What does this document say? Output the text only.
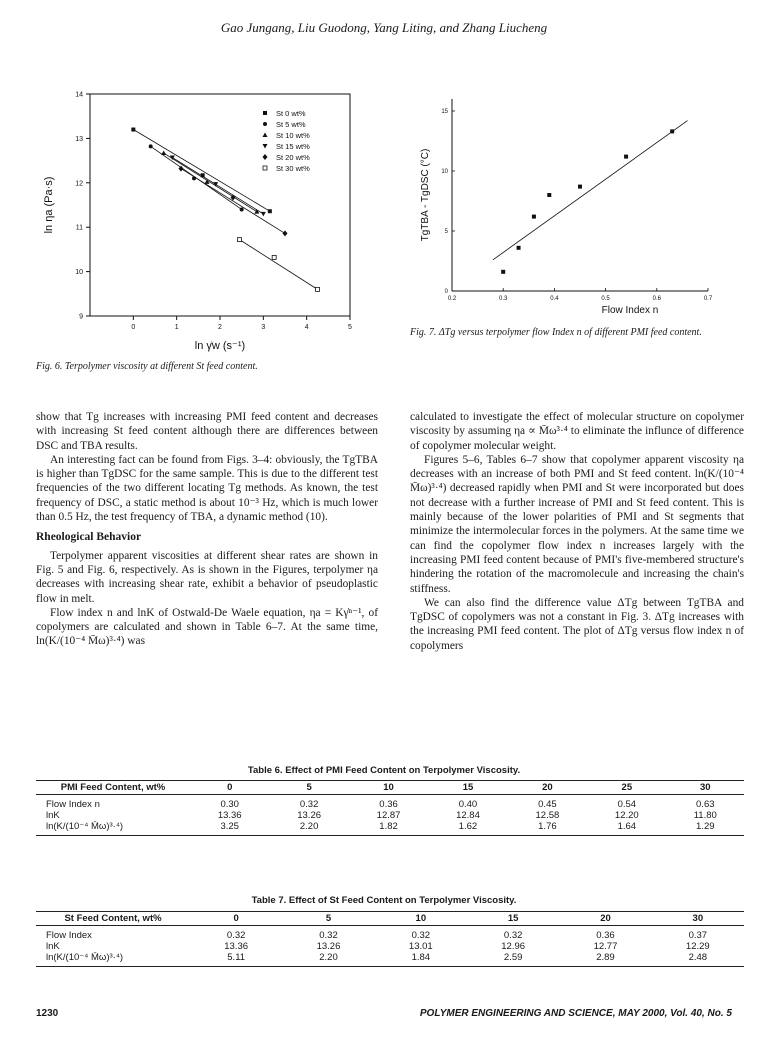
Gao Jungang, Liu Guodong, Yang Liting, and Zhang Liucheng
0	1	2	3	4	5
9
10
11
12
13
14
ln γ̇w (s⁻¹)
ln ηa (Pa·s)
St 0 wt%
St 5 wt%
St 10 wt%
St 15 wt%
St 20 wt%
St 30 wt%
Fig. 6. Terpolymer viscosity at different St feed content.
0.2	0.3	0.4	0.5	0.6	0.7
0
5
10
15
Flow Index n
TgTBA - TgDSC (°C)
Fig. 7. ΔTg versus terpolymer flow Index n of different PMI feed content.

show that Tg increases with increasing PMI feed content and decreases with increasing St feed content although there are differences between DSC and TBA results.

An interesting fact can be found from Figs. 3–4: obviously, the TgTBA is higher than TgDSC for the same sample. This is due to the different test frequencies of the two different locating Tg methods. As known, the test frequency of DSC, a static method is about 10⁻³ Hz, which is much lower than 0.5 Hz, the test frequency of TBA, a dynamic method (10).

Rheological Behavior

Terpolymer apparent viscosities at different shear rates are shown in Fig. 5 and Fig. 6, respectively. As is shown in the Figures, terpolymer ηa decreases with increasing shear rate, exhibit a behavior of pseudoplastic flow in melt.

Flow index n and lnK of Ostwald-De Waele equation, ηa = Kγ̇ⁿ⁻¹, of copolymers are calculated and shown in Table 6–7. At the same time, ln(K/(10⁻⁴ M̄ω)³·⁴) was

calculated to investigate the effect of molecular structure on copolymer viscosity by assuming ηa ∝ M̄ω³·⁴ to eliminate the influnce of difference of copolymer molecular weight.

Figures 5–6, Tables 6–7 show that copolymer apparent viscosity ηa decreases with an increase of both PMI and St feed content. ln(K/(10⁻⁴ M̄ω)³·⁴) decreased rapidly when PMI and St were incorporated but does not decrease with a further increase of PMI and St feed content. This is mainly because of the lower polarities of PMI and St segments that minimize the intermolecular forces in the polymers. At the same time we can find the copolymer flow index n increases largely with the increasing PMI feed content because of PMI's five-membered structure's hindering the rotation of the macromolecule and increasing the chain's stiffness.

We can also find the difference value ΔTg between TgTBA and TgDSC of copolymers was not a constant in Fig. 3. ΔTg increases with the increasing PMI feed content. The plot of ΔTg versus flow index n of copolymers

Table 6. Effect of PMI Feed Content on Terpolymer Viscosity.
PMI Feed Content, wt%	0	5	10	15	20	25	30
Flow Index n	0.30	0.32	0.36	0.40	0.45	0.54	0.63
lnK	13.36	13.26	12.87	12.84	12.58	12.20	11.80
ln(K/(10⁻⁴ M̄ω)³·⁴)	3.25	2.20	1.82	1.62	1.76	1.64	1.29
Table 7. Effect of St Feed Content on Terpolymer Viscosity.
St Feed Content, wt%	0	5	10	15	20	30
Flow Index	0.32	0.32	0.32	0.32	0.36	0.37
lnK	13.36	13.26	13.01	12.96	12.77	12.29
ln(K/(10⁻⁴ M̄ω)³·⁴)	5.11	2.20	1.84	2.59	2.89	2.48
1230	POLYMER ENGINEERING AND SCIENCE, MAY 2000, Vol. 40, No. 5
